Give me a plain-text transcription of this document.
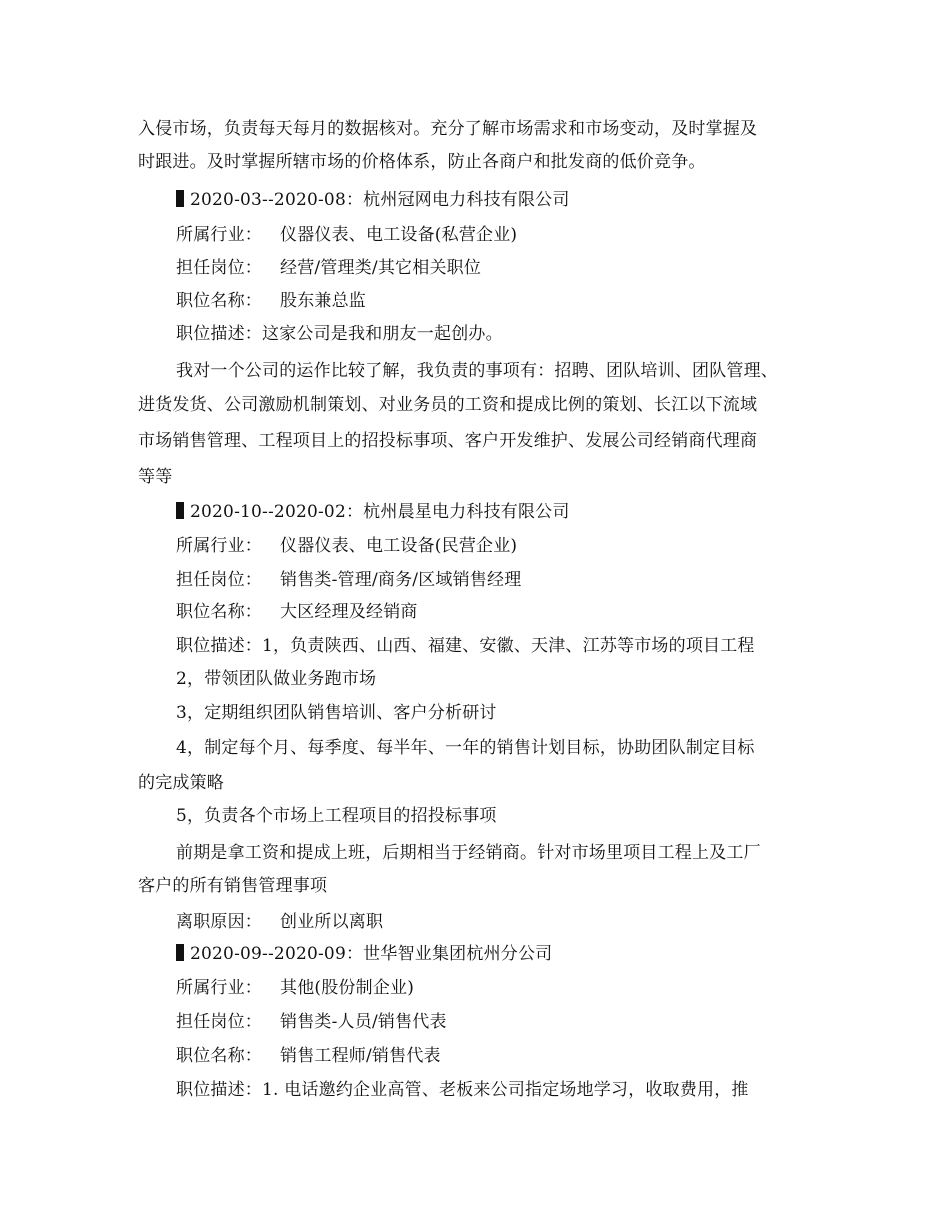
入侵市场，负责每天每月的数据核对。充分了解市场需求和市场变动，及时掌握及
时跟进。及时掌握所辖市场的价格体系，防止各商户和批发商的低价竞争。
2020-03--2020-08：杭州冠网电力科技有限公司
所属行业： 仪器仪表、电工设备(私营企业)
担任岗位： 经营/管理类/其它相关职位
职位名称： 股东兼总监
职位描述：这家公司是我和朋友一起创办。
我对一个公司的运作比较了解，我负责的事项有：招聘、团队培训、团队管理、
进货发货、公司激励机制策划、对业务员的工资和提成比例的策划、长江以下流域
市场销售管理、工程项目上的招投标事项、客户开发维护、发展公司经销商代理商
等等
2020-10--2020-02：杭州晨星电力科技有限公司
所属行业： 仪器仪表、电工设备(民营企业)
担任岗位： 销售类-管理/商务/区域销售经理
职位名称： 大区经理及经销商
职位描述：1，负责陕西、山西、福建、安徽、天津、江苏等市场的项目工程
2，带领团队做业务跑市场
3，定期组织团队销售培训、客户分析研讨
4，制定每个月、每季度、每半年、一年的销售计划目标，协助团队制定目标
的完成策略
5，负责各个市场上工程项目的招投标事项
前期是拿工资和提成上班，后期相当于经销商。针对市场里项目工程上及工厂
客户的所有销售管理事项
离职原因： 创业所以离职
2020-09--2020-09：世华智业集团杭州分公司
所属行业： 其他(股份制企业)
担任岗位： 销售类-人员/销售代表
职位名称： 销售工程师/销售代表
职位描述：1. 电话邀约企业高管、老板来公司指定场地学习，收取费用，推
